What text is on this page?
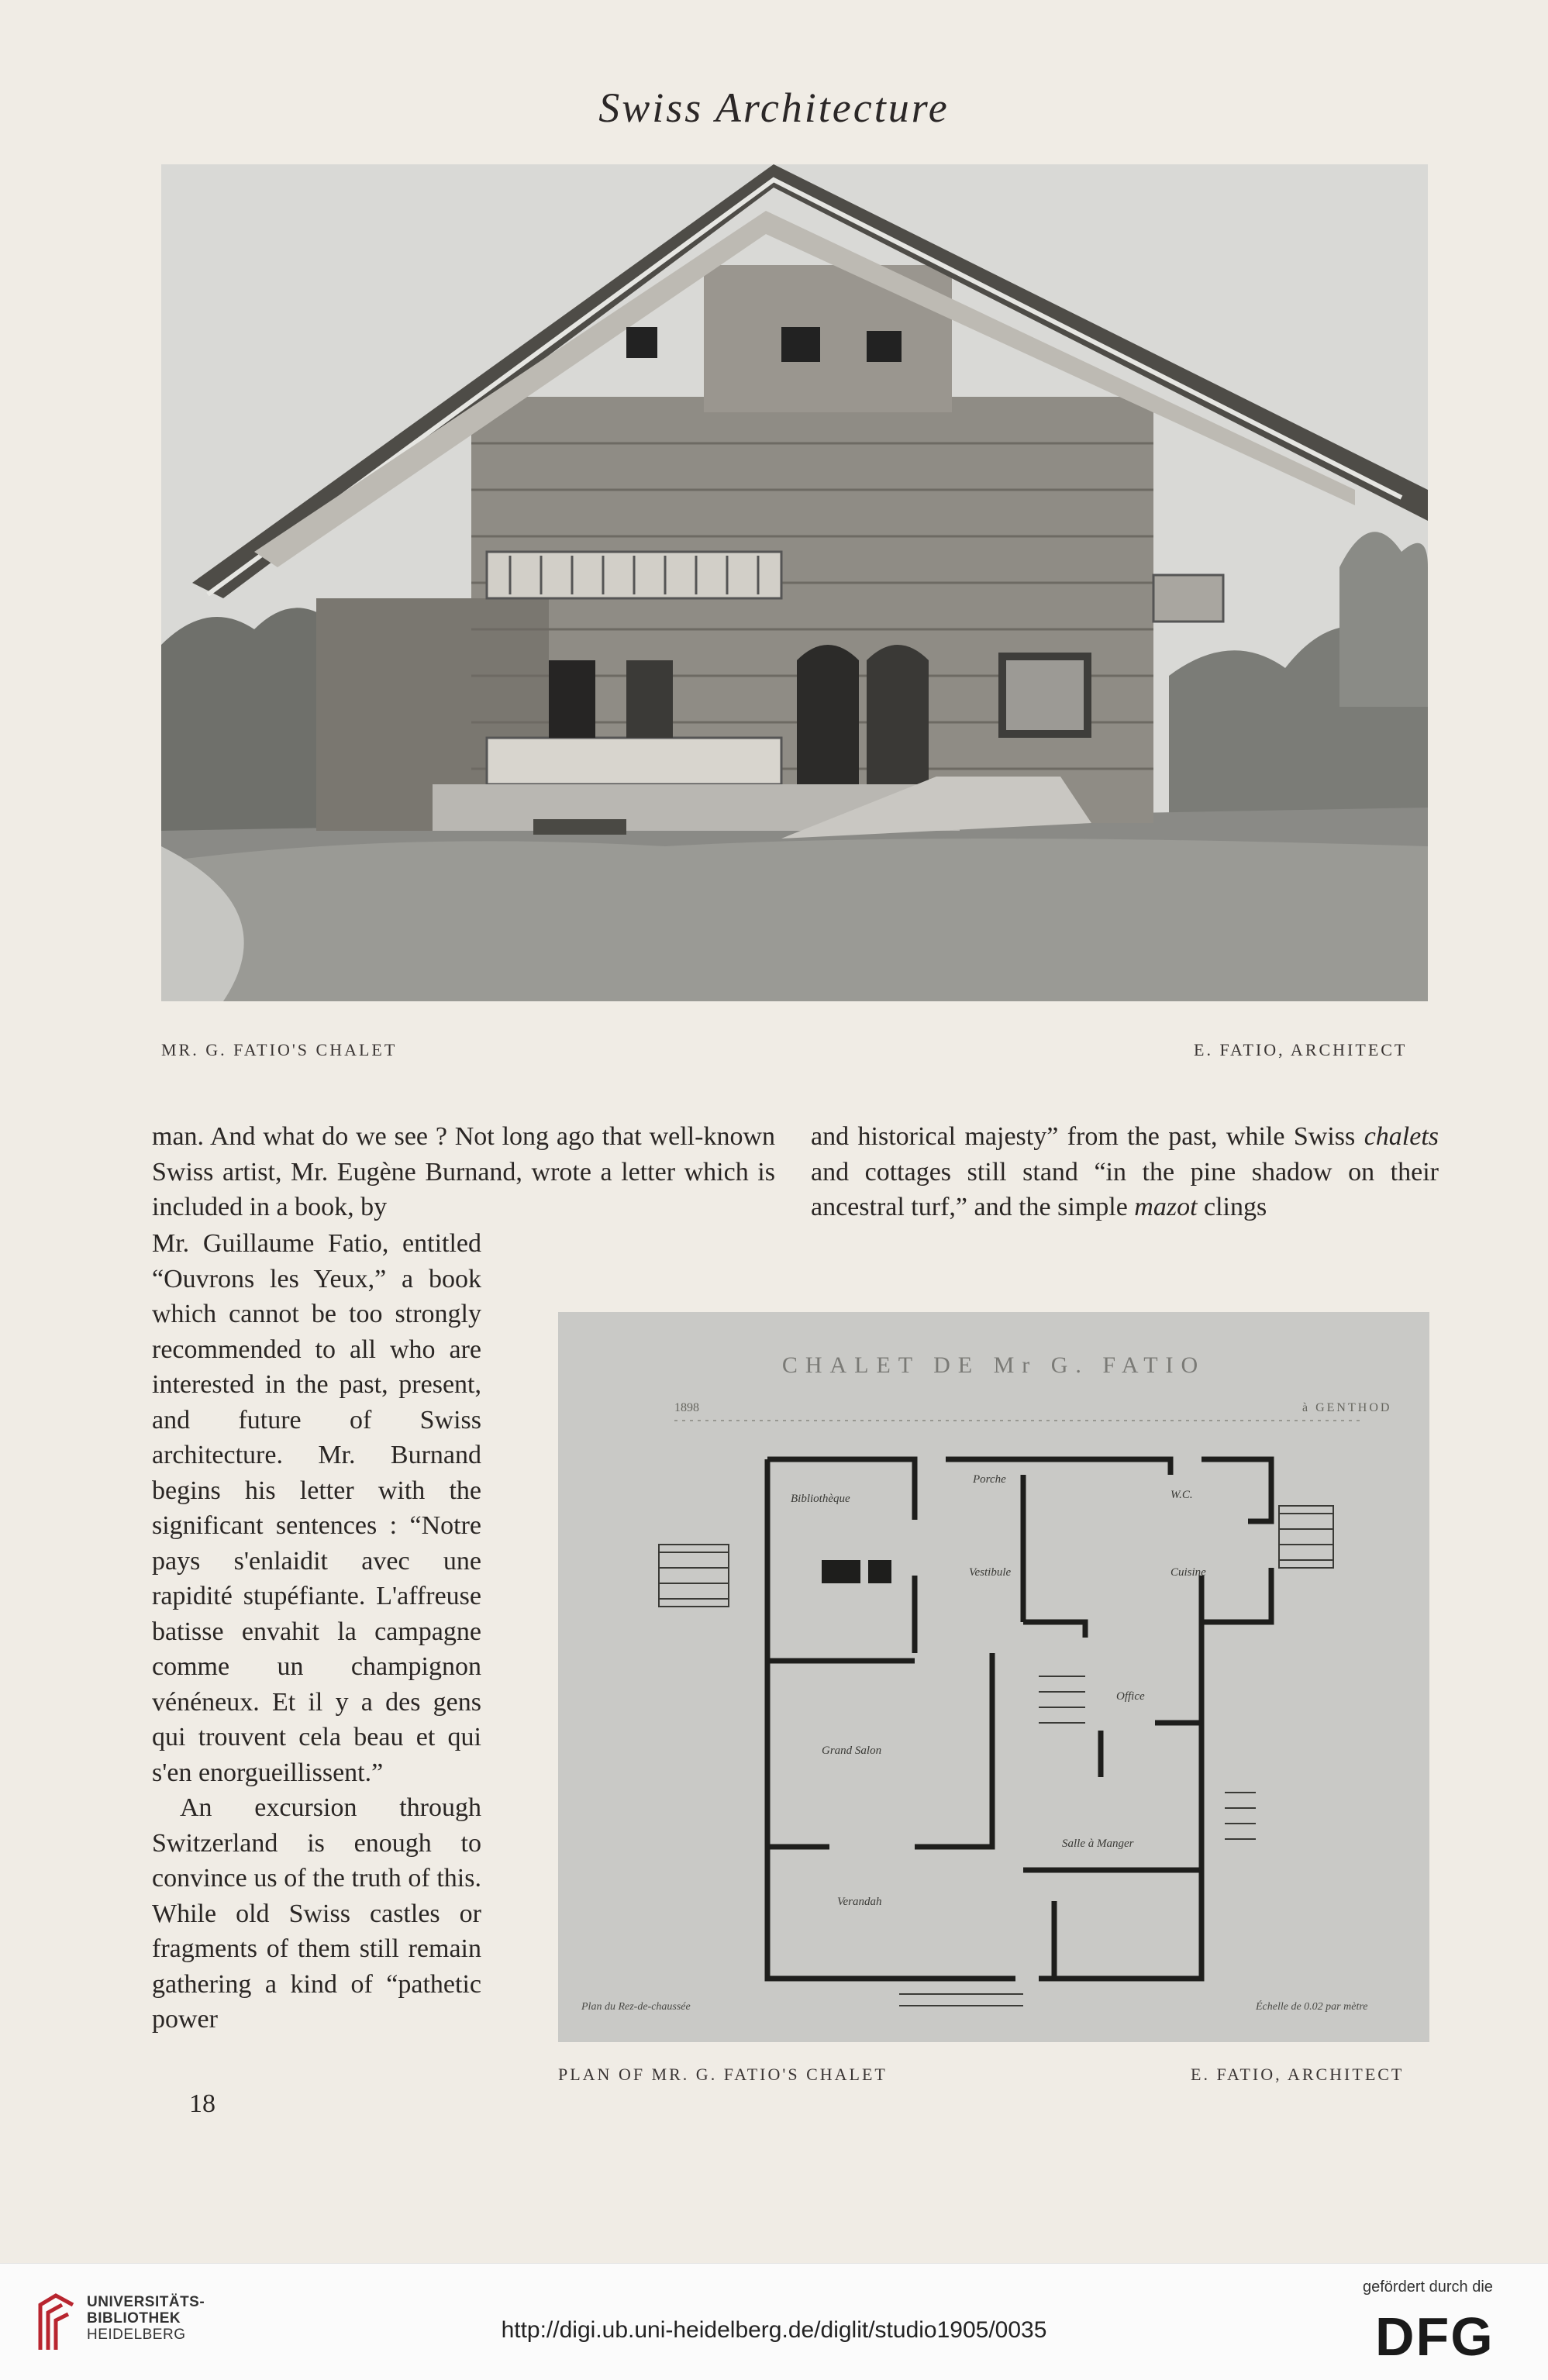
Swiss Architecture
MR. G. FATIO'S CHALET	E. FATIO, ARCHITECT

man. And what do we see ? Not long ago that well-known Swiss artist, Mr. Eugène Burnand, wrote a letter which is included in a book, by

Mr. Guillaume Fatio, entitled “Ouvrons les Yeux,” a book which cannot be too strongly recommended to all who are interested in the past, present, and future of Swiss architecture. Mr. Burnand begins his letter with the significant sentences : “Notre pays s'enlaidit avec une rapidité stupéfiante. L'affreuse batisse envahit la campagne comme un champignon vénéneux. Et il y a des gens qui trouvent cela beau et qui s'en enorgueillissent.”

An excursion through Switzerland is enough to convince us of the truth of this. While old Swiss castles or fragments of them still remain gathering a kind of “pathetic power

and historical majesty” from the past, while Swiss chalets and cottages still stand “in the pine shadow on their ancestral turf,” and the simple mazot clings

CHALET DE Mr G. FATIO
1898	à GENTHOD
Bibliothèque
Porche
Office
W.C.
Vestibule	Cuisine
Grand Salon
Salle à Manger
Verandah
Plan du Rez-de-chaussée	Échelle de 0.02 par mètre
PLAN OF MR. G. FATIO'S CHALET	E. FATIO, ARCHITECT
18
UNIVERSITÄTS-
BIBLIOTHEK
HEIDELBERG	http://digi.ub.uni-heidelberg.de/diglit/studio1905/0035
gefördert durch die
DFG
